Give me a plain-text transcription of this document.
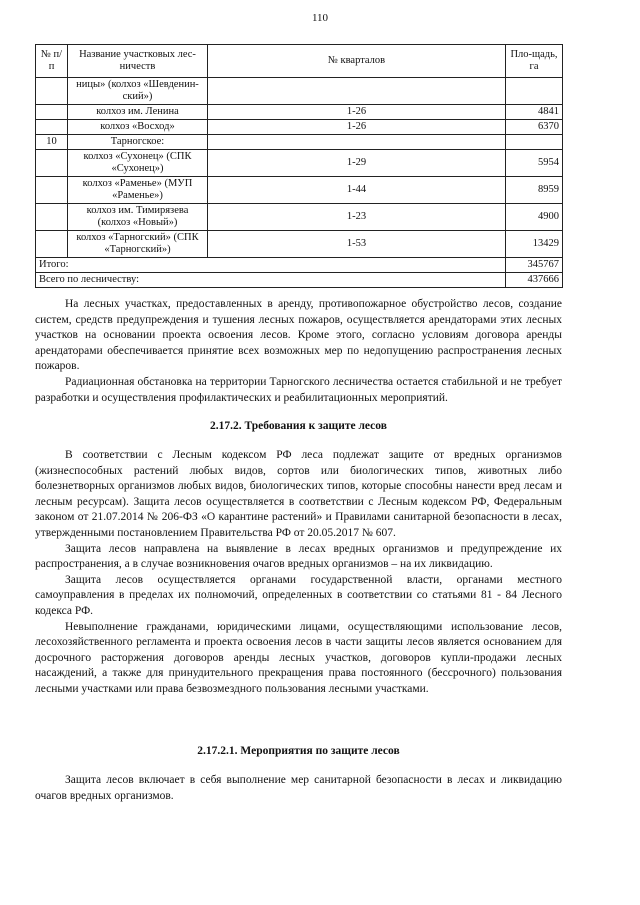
110
№ п/п	Название участковых лес-ничеств	№ кварталов	Пло-щадь, га
	ницы» (колхоз «Шевденин-ский»)		
	колхоз им. Ленина	1-26	4841
	колхоз «Восход»	1-26	6370
10	Тарногское:		
	колхоз «Сухонец» (СПК «Сухонец»)	1-29	5954
	колхоз «Раменье» (МУП «Раменье»)	1-44	8959
	колхоз им. Тимирязева (колхоз «Новый»)	1-23	4900
	колхоз «Тарногский» (СПК «Тарногский»)	1-53	13429
Итого:			345767
Всего по лесничеству:			437666

На лесных участках, предоставленных в аренду, противопожарное обустройство лесов, создание систем, средств предупреждения и тушения лесных пожаров, осуществляется арендаторами этих лесных участков на основании проекта освоения лесов. Кроме этого, согласно условиям договора аренды арендаторами обеспечивается принятие всех возможных мер по недопущению распространения лесных пожаров.

Радиационная обстановка на территории Тарногского лесничества остается стабильной и не требует разработки и осуществления профилактических и реабилитационных мероприятий.

2.17.2. Требования к защите лесов

В соответствии с Лесным кодексом РФ леса подлежат защите от вредных организмов (жизнеспособных растений любых видов, сортов или биологических типов, животных либо болезнетворных организмов любых видов, биологических типов, которые способны нанести вред лесам и лесным ресурсам). Защита лесов осуществляется в соответствии с Лесным кодексом РФ, Федеральным законом от 21.07.2014 № 206-ФЗ «О карантине растений» и Правилами санитарной безопасности в лесах, утвержденными постановлением Правительства РФ от 20.05.2017 № 607.

Защита лесов направлена на выявление в лесах вредных организмов и предупреждение их распространения, а в случае возникновения очагов вредных организмов – на их ликвидацию.

Защита лесов осуществляется органами государственной власти, органами местного самоуправления в пределах их полномочий, определенных в соответствии со статьями 81 - 84 Лесного кодекса РФ.

Невыполнение гражданами, юридическими лицами, осуществляющими использование лесов, лесохозяйственного регламента и проекта освоения лесов в части защиты лесов является основанием для досрочного расторжения договоров аренды лесных участков, договоров купли-продажи лесных насаждений, а также для принудительного прекращения права постоянного (бессрочного) пользования лесными участками или права безвозмездного пользования лесными участками.

2.17.2.1. Мероприятия по защите лесов

Защита лесов включает в себя выполнение мер санитарной безопасности в лесах и ликвидацию очагов вредных организмов.
